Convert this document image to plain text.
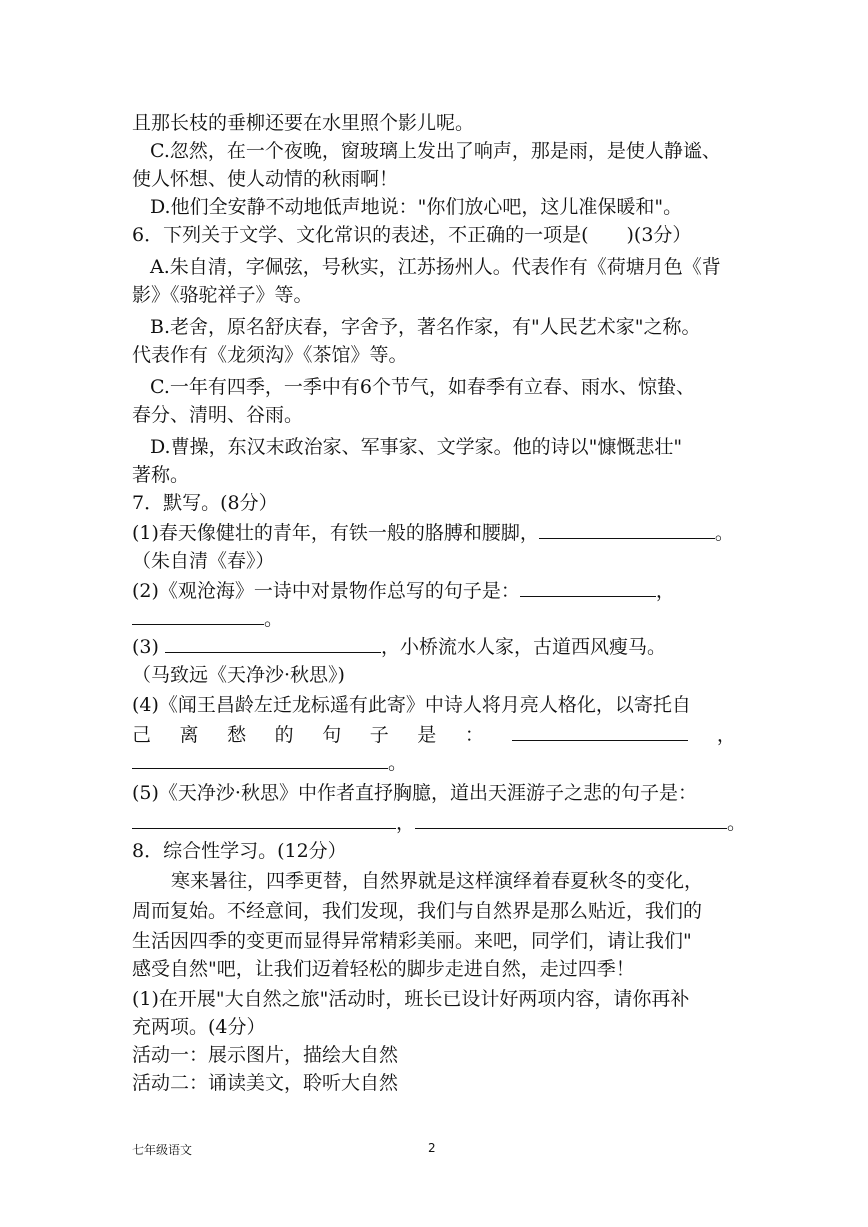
且那长枝的垂柳还要在水里照个影儿呢。
C.忽然，在一个夜晚，窗玻璃上发出了响声，那是雨，是使人静谧、
使人怀想、使人动情的秋雨啊！
D.他们全安静不动地低声地说："你们放心吧，这儿准保暖和"。
6．下列关于文学、文化常识的表述，不正确的一项是(　　)(3分）
A.朱自清，字佩弦，号秋实，江苏扬州人。代表作有《荷塘月色《背
影》《骆驼祥子》等。
B.老舍，原名舒庆春，字舍予，著名作家，有"人民艺术家"之称。
代表作有《龙须沟》《茶馆》等。
C.一年有四季，一季中有6个节气，如春季有立春、雨水、惊蛰、
春分、清明、谷雨。
D.曹操，东汉末政治家、军事家、文学家。他的诗以"慷慨悲壮"
著称。
7．默写。(8分）
(1)春天像健壮的青年，有铁一般的胳膊和腰脚，	。
（朱自清《春》）
(2)《观沧海》一诗中对景物作总写的句子是：	，
。
(3)	，小桥流水人家，古道西风瘦马。
（马致远《天净沙·秋思》)
(4)《闻王昌龄左迁龙标遥有此寄》中诗人将月亮人格化，以寄托自
己 离 愁 的 句 子 是 ：	，
。
(5)《天净沙·秋思》中作者直抒胸臆，道出天涯游子之悲的句子是：
，	。
8．综合性学习。(12分）
寒来暑往，四季更替，自然界就是这样演绎着春夏秋冬的变化，
周而复始。不经意间，我们发现，我们与自然界是那么贴近，我们的
生活因四季的变更而显得异常精彩美丽。来吧，同学们，请让我们"
感受自然"吧，让我们迈着轻松的脚步走进自然，走过四季！
(1)在开展"大自然之旅"活动时，班长已设计好两项内容，请你再补
充两项。(4分）
活动一：展示图片，描绘大自然
活动二：诵读美文，聆听大自然
七年级语文	2
